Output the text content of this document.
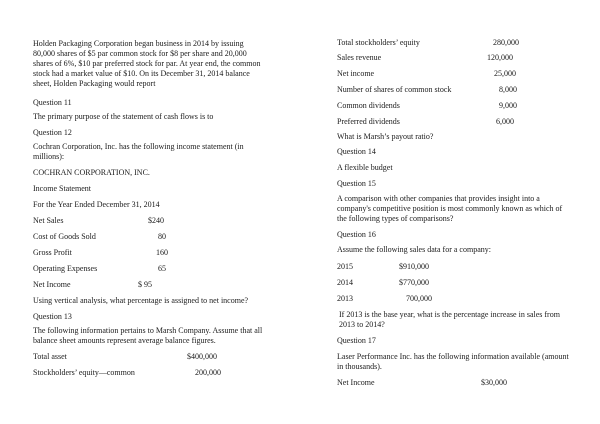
Holden Packaging Corporation began business in 2014 by issuing 80,000 shares of $5 par common stock for $8 per share and 20,000 shares of 6%, $10 par preferred stock for par. At year end, the common stock had a market value of $10. On its December 31, 2014 balance sheet, Holden Packaging would report
Question 11
The primary purpose of the statement of cash flows is to
Question 12
Cochran Corporation, Inc. has the following income statement (in millions):
COCHRAN CORPORATION, INC.
Income Statement
For the Year Ended December 31, 2014
Net Sales	$240
Cost of Goods Sold	80
Gross Profit	160
Operating Expenses	65
Net Income	$ 95
Using vertical analysis, what percentage is assigned to net income?
Question 13
The following information pertains to Marsh Company. Assume that all balance sheet amounts represent average balance figures.
Total asset	$400,000
Stockholders’ equity—common	200,000
Total stockholders’ equity	280,000
Sales revenue	120,000
Net income	25,000
Number of shares of common stock	8,000
Common dividends	9,000
Preferred dividends	6,000
What is Marsh’s payout ratio?
Question 14
A flexible budget
Question 15
A comparison with other companies that provides insight into a company's competitive position is most commonly known as which of the following types of comparisons?
Question 16
Assume the following sales data for a company:
2015	$910,000
2014	$770,000
2013	700,000
If 2013 is the base year, what is the percentage increase in sales from 2013 to 2014?
Question 17
Laser Performance Inc. has the following information available (amount in thousands).
Net Income	$30,000
